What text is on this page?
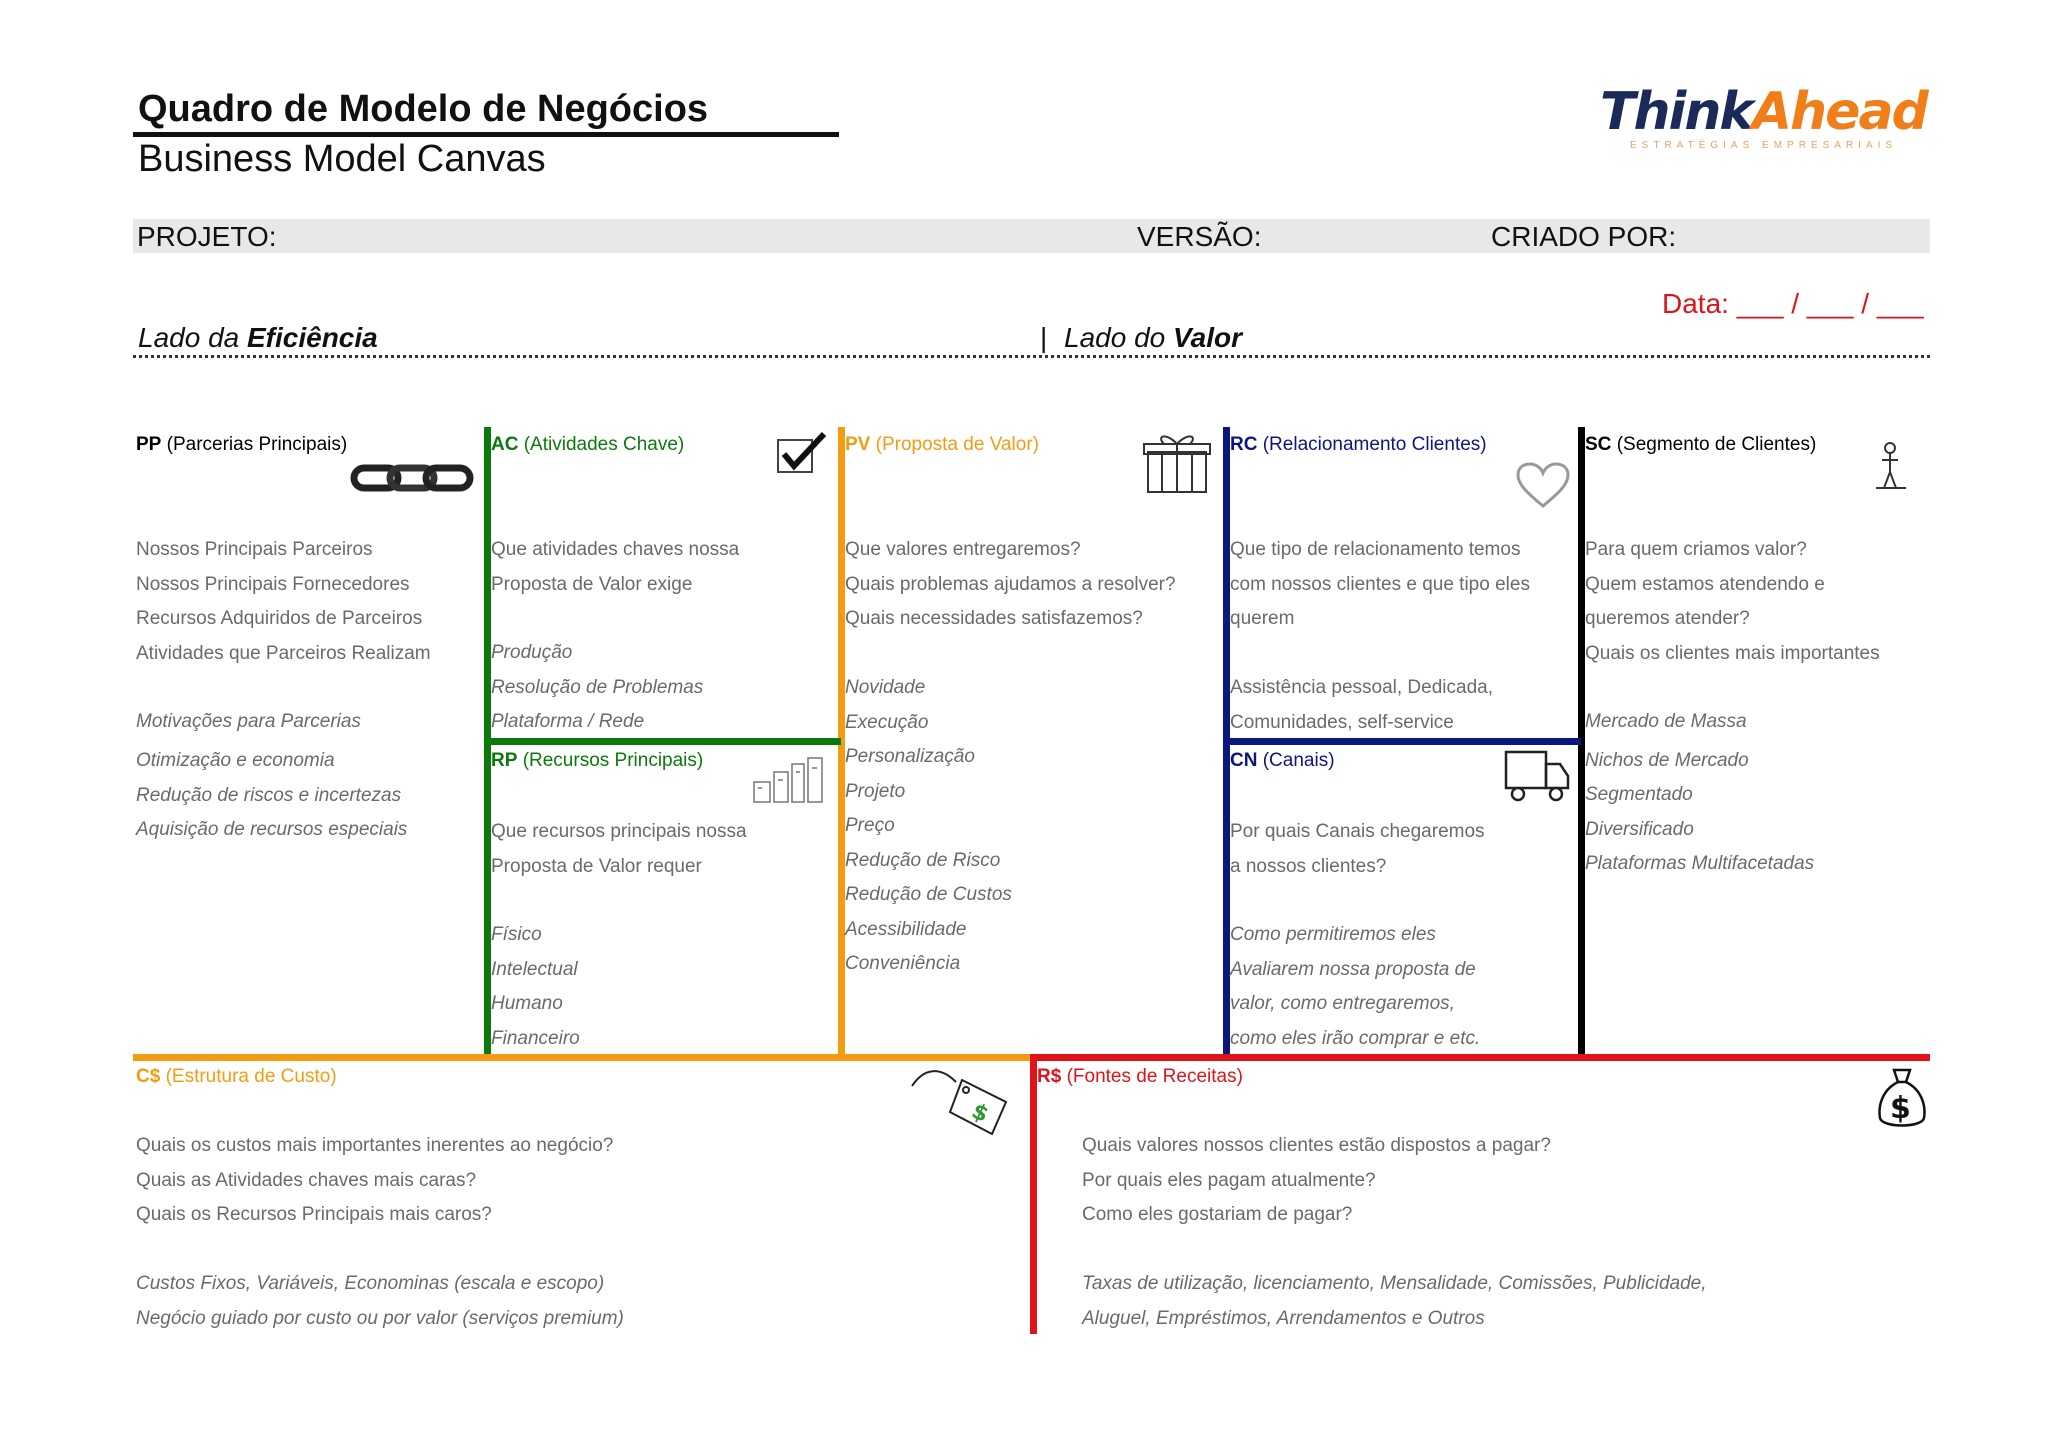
Quadro de Modelo de Negócios
Business Model Canvas
ThinkAhead
ESTRATÉGIAS EMPRESARIAIS
PROJETO:	VERSÃO:	CRIADO POR:
Data: ___ / ___ / ___
Lado da Eficiência	| Lado do Valor
PP (Parcerias Principais)
Nossos Principais Parceiros
Nossos Principais Fornecedores
Recursos Adquiridos de Parceiros
Atividades que Parceiros Realizam
Motivações para Parcerias
Otimização e economia
Redução de riscos e incertezas
Aquisição de recursos especiais
AC (Atividades Chave)
Que atividades chaves nossa
Proposta de Valor exige
Produção
Resolução de Problemas
Plataforma / Rede
RP (Recursos Principais)
Que recursos principais nossa
Proposta de Valor requer
Físico
Intelectual
Humano
Financeiro
PV (Proposta de Valor)
Que valores entregaremos?
Quais problemas ajudamos a resolver?
Quais necessidades satisfazemos?
Novidade
Execução
Personalização
Projeto
Preço
Redução de Risco
Redução de Custos
Acessibilidade
Conveniência
RC (Relacionamento Clientes)
Que tipo de relacionamento temos
com nossos clientes e que tipo eles
querem
Assistência pessoal, Dedicada,
Comunidades, self-service
CN (Canais)
Por quais Canais chegaremos
a nossos clientes?
Como permitiremos eles
Avaliarem nossa proposta de
valor, como entregaremos,
como eles irão comprar e etc.
SC (Segmento de Clientes)
Para quem criamos valor?
Quem estamos atendendo e
queremos atender?
Quais os clientes mais importantes
Mercado de Massa
Nichos de Mercado
Segmentado
Diversificado
Plataformas Multifacetadas
C$ (Estrutura de Custo)
$
Quais os custos mais importantes inerentes ao negócio?
Quais as Atividades chaves mais caras?
Quais os Recursos Principais mais caros?
Custos Fixos, Variáveis, Econominas (escala e escopo)
Negócio guiado por custo ou por valor (serviços premium)
R$ (Fontes de Receitas)
$
Quais valores nossos clientes estão dispostos a pagar?
Por quais eles pagam atualmente?
Como eles gostariam de pagar?
Taxas de utilização, licenciamento, Mensalidade, Comissões, Publicidade,
Aluguel, Empréstimos, Arrendamentos e Outros
